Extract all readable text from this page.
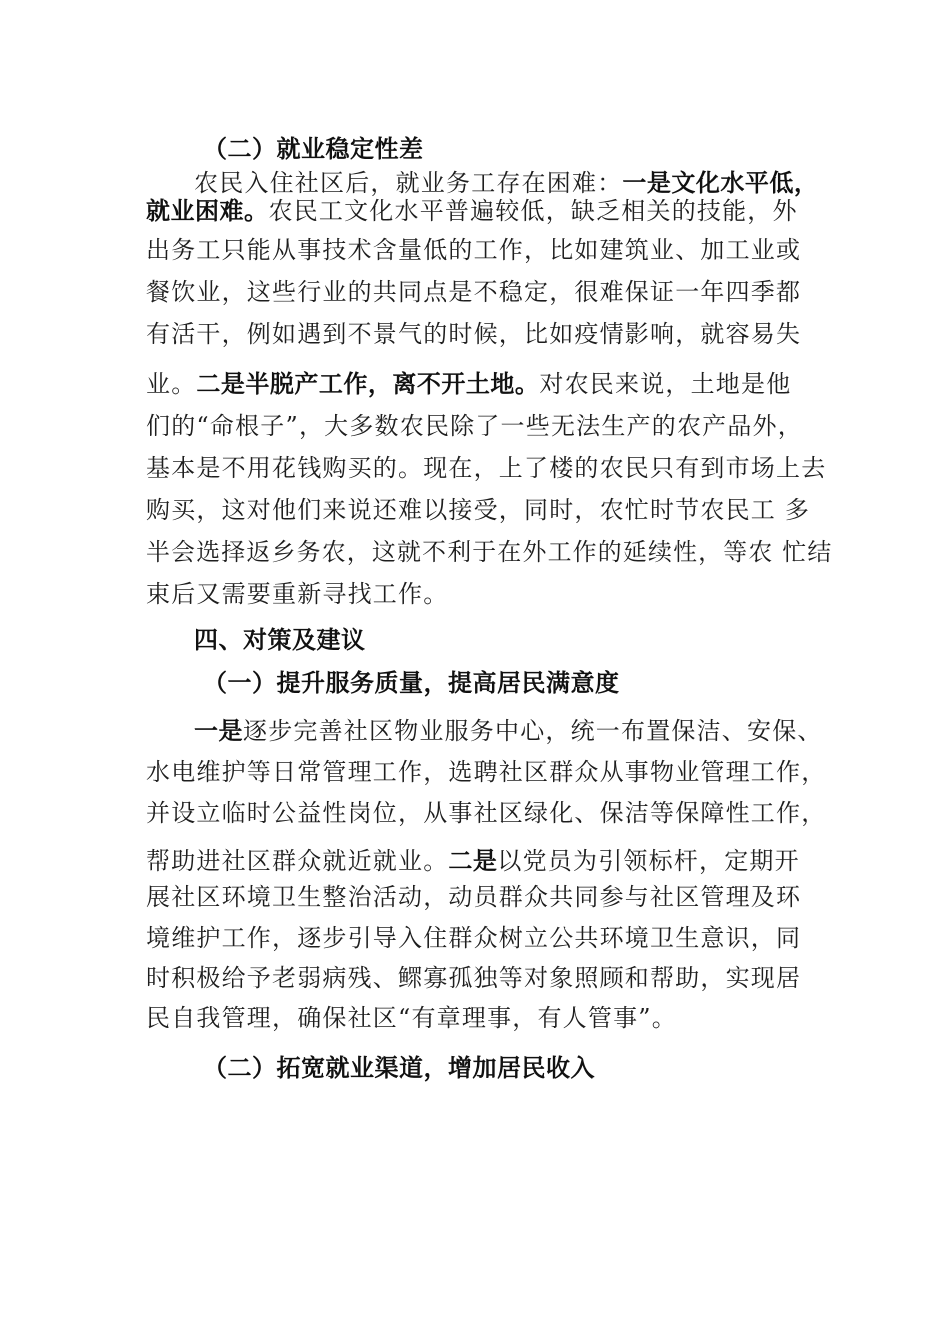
（二）就业稳定性差
农民入住社区后，就业务工存在困难：一是文化水平低，
就业困难。农民工文化水平普遍较低，缺乏相关的技能，外
出务工只能从事技术含量低的工作，比如建筑业、加工业或
餐饮业，这些行业的共同点是不稳定，很难保证一年四季都
有活干，例如遇到不景气的时候，比如疫情影响，就容易失
业。二是半脱产工作，离不开土地。对农民来说，土地是他
们的“命根子”，大多数农民除了一些无法生产的农产品外，
基本是不用花钱购买的。现在，上了楼的农民只有到市场上去
购买，这对他们来说还难以接受，同时，农忙时节农民工 多
半会选择返乡务农，这就不利于在外工作的延续性，等农 忙结
束后又需要重新寻找工作。
四、对策及建议
（一）提升服务质量，提高居民满意度
一是逐步完善社区物业服务中心，统一布置保洁、安保、
水电维护等日常管理工作，选聘社区群众从事物业管理工作，
并设立临时公益性岗位，从事社区绿化、保洁等保障性工作，
帮助进社区群众就近就业。二是以党员为引领标杆，定期开
展社区环境卫生整治活动，动员群众共同参与社区管理及环
境维护工作，逐步引导入住群众树立公共环境卫生意识，同
时积极给予老弱病残、鳏寡孤独等对象照顾和帮助，实现居
民自我管理，确保社区“有章理事，有人管事”。
（二）拓宽就业渠道，增加居民收入
